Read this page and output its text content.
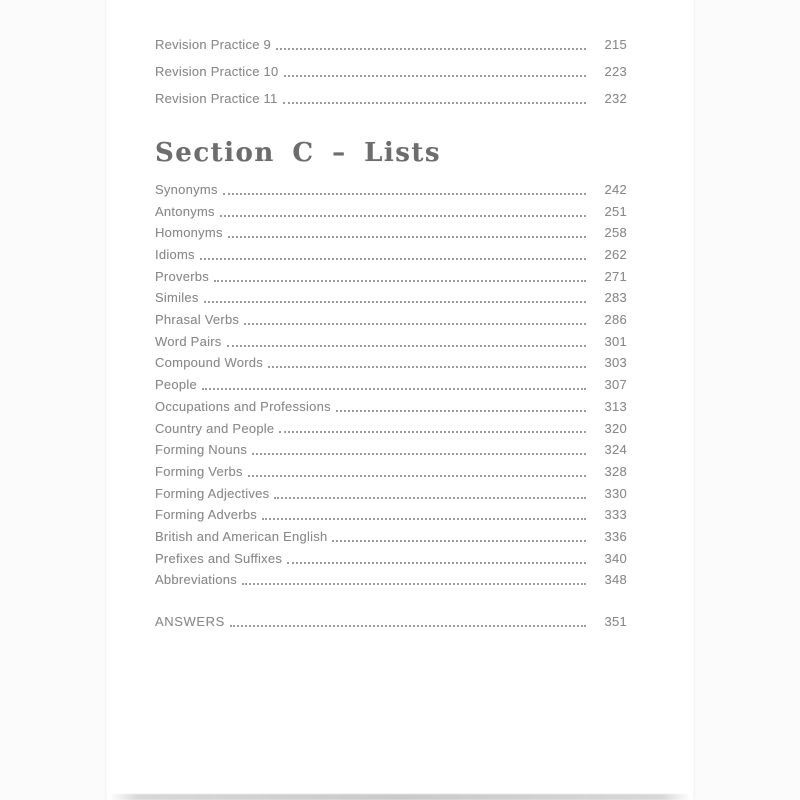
Revision Practice 9	215
Revision Practice 10	223
Revision Practice 11	232
Section C – Lists
Synonyms	242
Antonyms	251
Homonyms	258
Idioms	262
Proverbs	271
Similes	283
Phrasal Verbs	286
Word Pairs	301
Compound Words	303
People	307
Occupations and Professions	313
Country and People	320
Forming Nouns	324
Forming Verbs	328
Forming Adjectives	330
Forming Adverbs	333
British and American English	336
Prefixes and Suffixes	340
Abbreviations	348
ANSWERS	351
